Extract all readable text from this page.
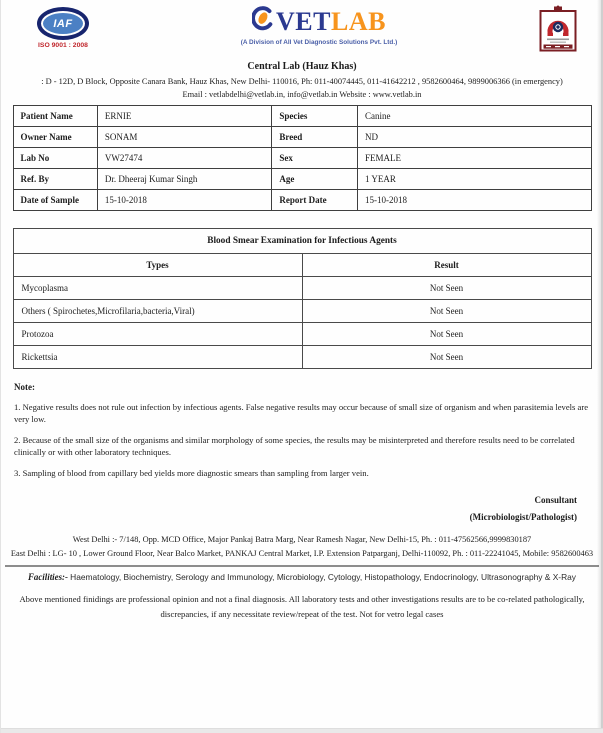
IAF
ISO 9001 : 2008
VETLAB
(A Division of All Vet Diagnostic Solutions Pvt. Ltd.)
Central Lab (Hauz Khas)
: D - 12D, D Block, Opposite Canara Bank, Hauz Khas, New Delhi- 110016, Ph: 011-40074445, 011-41642212 , 9582600464, 9899006366 (in emergency)
Email : vetlabdelhi@vetlab.in, info@vetlab.in Website : www.vetlab.in
Patient Name	ERNIE	Species	Canine
Owner Name	SONAM	Breed	ND
Lab No	VW27474	Sex	FEMALE
Ref. By	Dr. Dheeraj Kumar Singh	Age	1 YEAR
Date of Sample	15-10-2018	Report Date	15-10-2018
Blood Smear Examination for Infectious Agents	
Types	Result
Mycoplasma	Not Seen
Others ( Spirochetes,Microfilaria,bacteria,Viral)	Not Seen
Protozoa	Not Seen
Rickettsia	Not Seen
Note:

1. Negative results does not rule out infection by infectious agents. False negative results may occur because of small size of organism and when parasitemia levels are very low.

2. Because of the small size of the organisms and similar morphology of some species, the results may be misinterpreted and therefore results need to be correlated clinically or with other laboratory techniques.

3. Sampling of blood from capillary bed yields more diagnostic smears than sampling from larger vein.

Consultant
(Microbiologist/Pathologist)
West Delhi :- 7/148, Opp. MCD Office, Major Pankaj Batra Marg, Near Ramesh Nagar, New Delhi-15, Ph. : 011-47562566,9999830187
East Delhi : LG- 10 , Lower Ground Floor, Near Balco Market, PANKAJ Central Market, I.P. Extension Patparganj, Delhi-110092, Ph. : 011-22241045, Mobile: 9582600463
Facilities:- Haematology, Biochemistry, Serology and Immunology, Microbiology, Cytology, Histopathology, Endocrinology, Ultrasonography & X-Ray

Above mentioned finidings are professional opinion and not a final diagnosis. All laboratory tests and other investigations results are to be co-related pathologically, discrepancies, if any necessitate review/repeat of the test. Not for vetro legal cases
